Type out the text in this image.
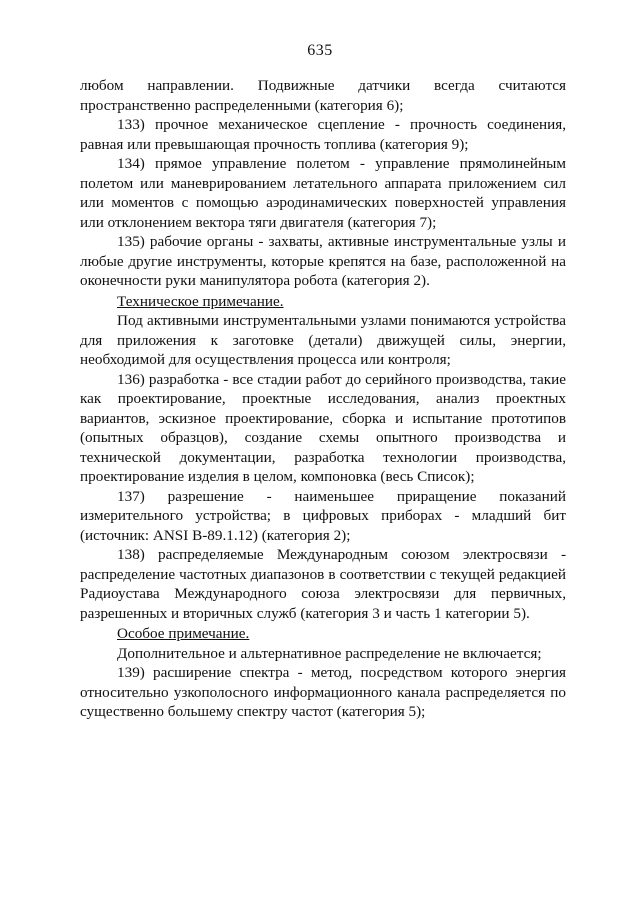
635

любом направлении. Подвижные датчики всегда считаются пространственно распределенными (категория 6);

133) прочное механическое сцепление - прочность соединения, равная или превышающая прочность топлива (категория 9);

134) прямое управление полетом - управление прямолинейным полетом или маневрированием летательного аппарата приложением сил или моментов с помощью аэродинамических поверхностей управления или отклонением вектора тяги двигателя (категория 7);

135) рабочие органы - захваты, активные инструментальные узлы и любые другие инструменты, которые крепятся на базе, расположенной на оконечности руки манипулятора робота (категория 2).

Техническое примечание.

Под активными инструментальными узлами понимаются устройства для приложения к заготовке (детали) движущей силы, энергии, необходимой для осуществления процесса или контроля;

136) разработка - все стадии работ до серийного производства, такие как проектирование, проектные исследования, анализ проектных вариантов, эскизное проектирование, сборка и испытание прототипов (опытных образцов), создание схемы опытного производства и технической документации, разработка технологии производства, проектирование изделия в целом, компоновка (весь Список);

137) разрешение - наименьшее приращение показаний измерительного устройства; в цифровых приборах - младший бит (источник: ANSI B-89.1.12) (категория 2);

138) распределяемые Международным союзом электросвязи - распределение частотных диапазонов в соответствии с текущей редакцией Радиоустава Международного союза электросвязи для первичных, разрешенных и вторичных служб (категория 3 и часть 1 категории 5).

Особое примечание.

Дополнительное и альтернативное распределение не включается;

139) расширение спектра - метод, посредством которого энергия относительно узкополосного информационного канала распределяется по существенно большему спектру частот (категория 5);
